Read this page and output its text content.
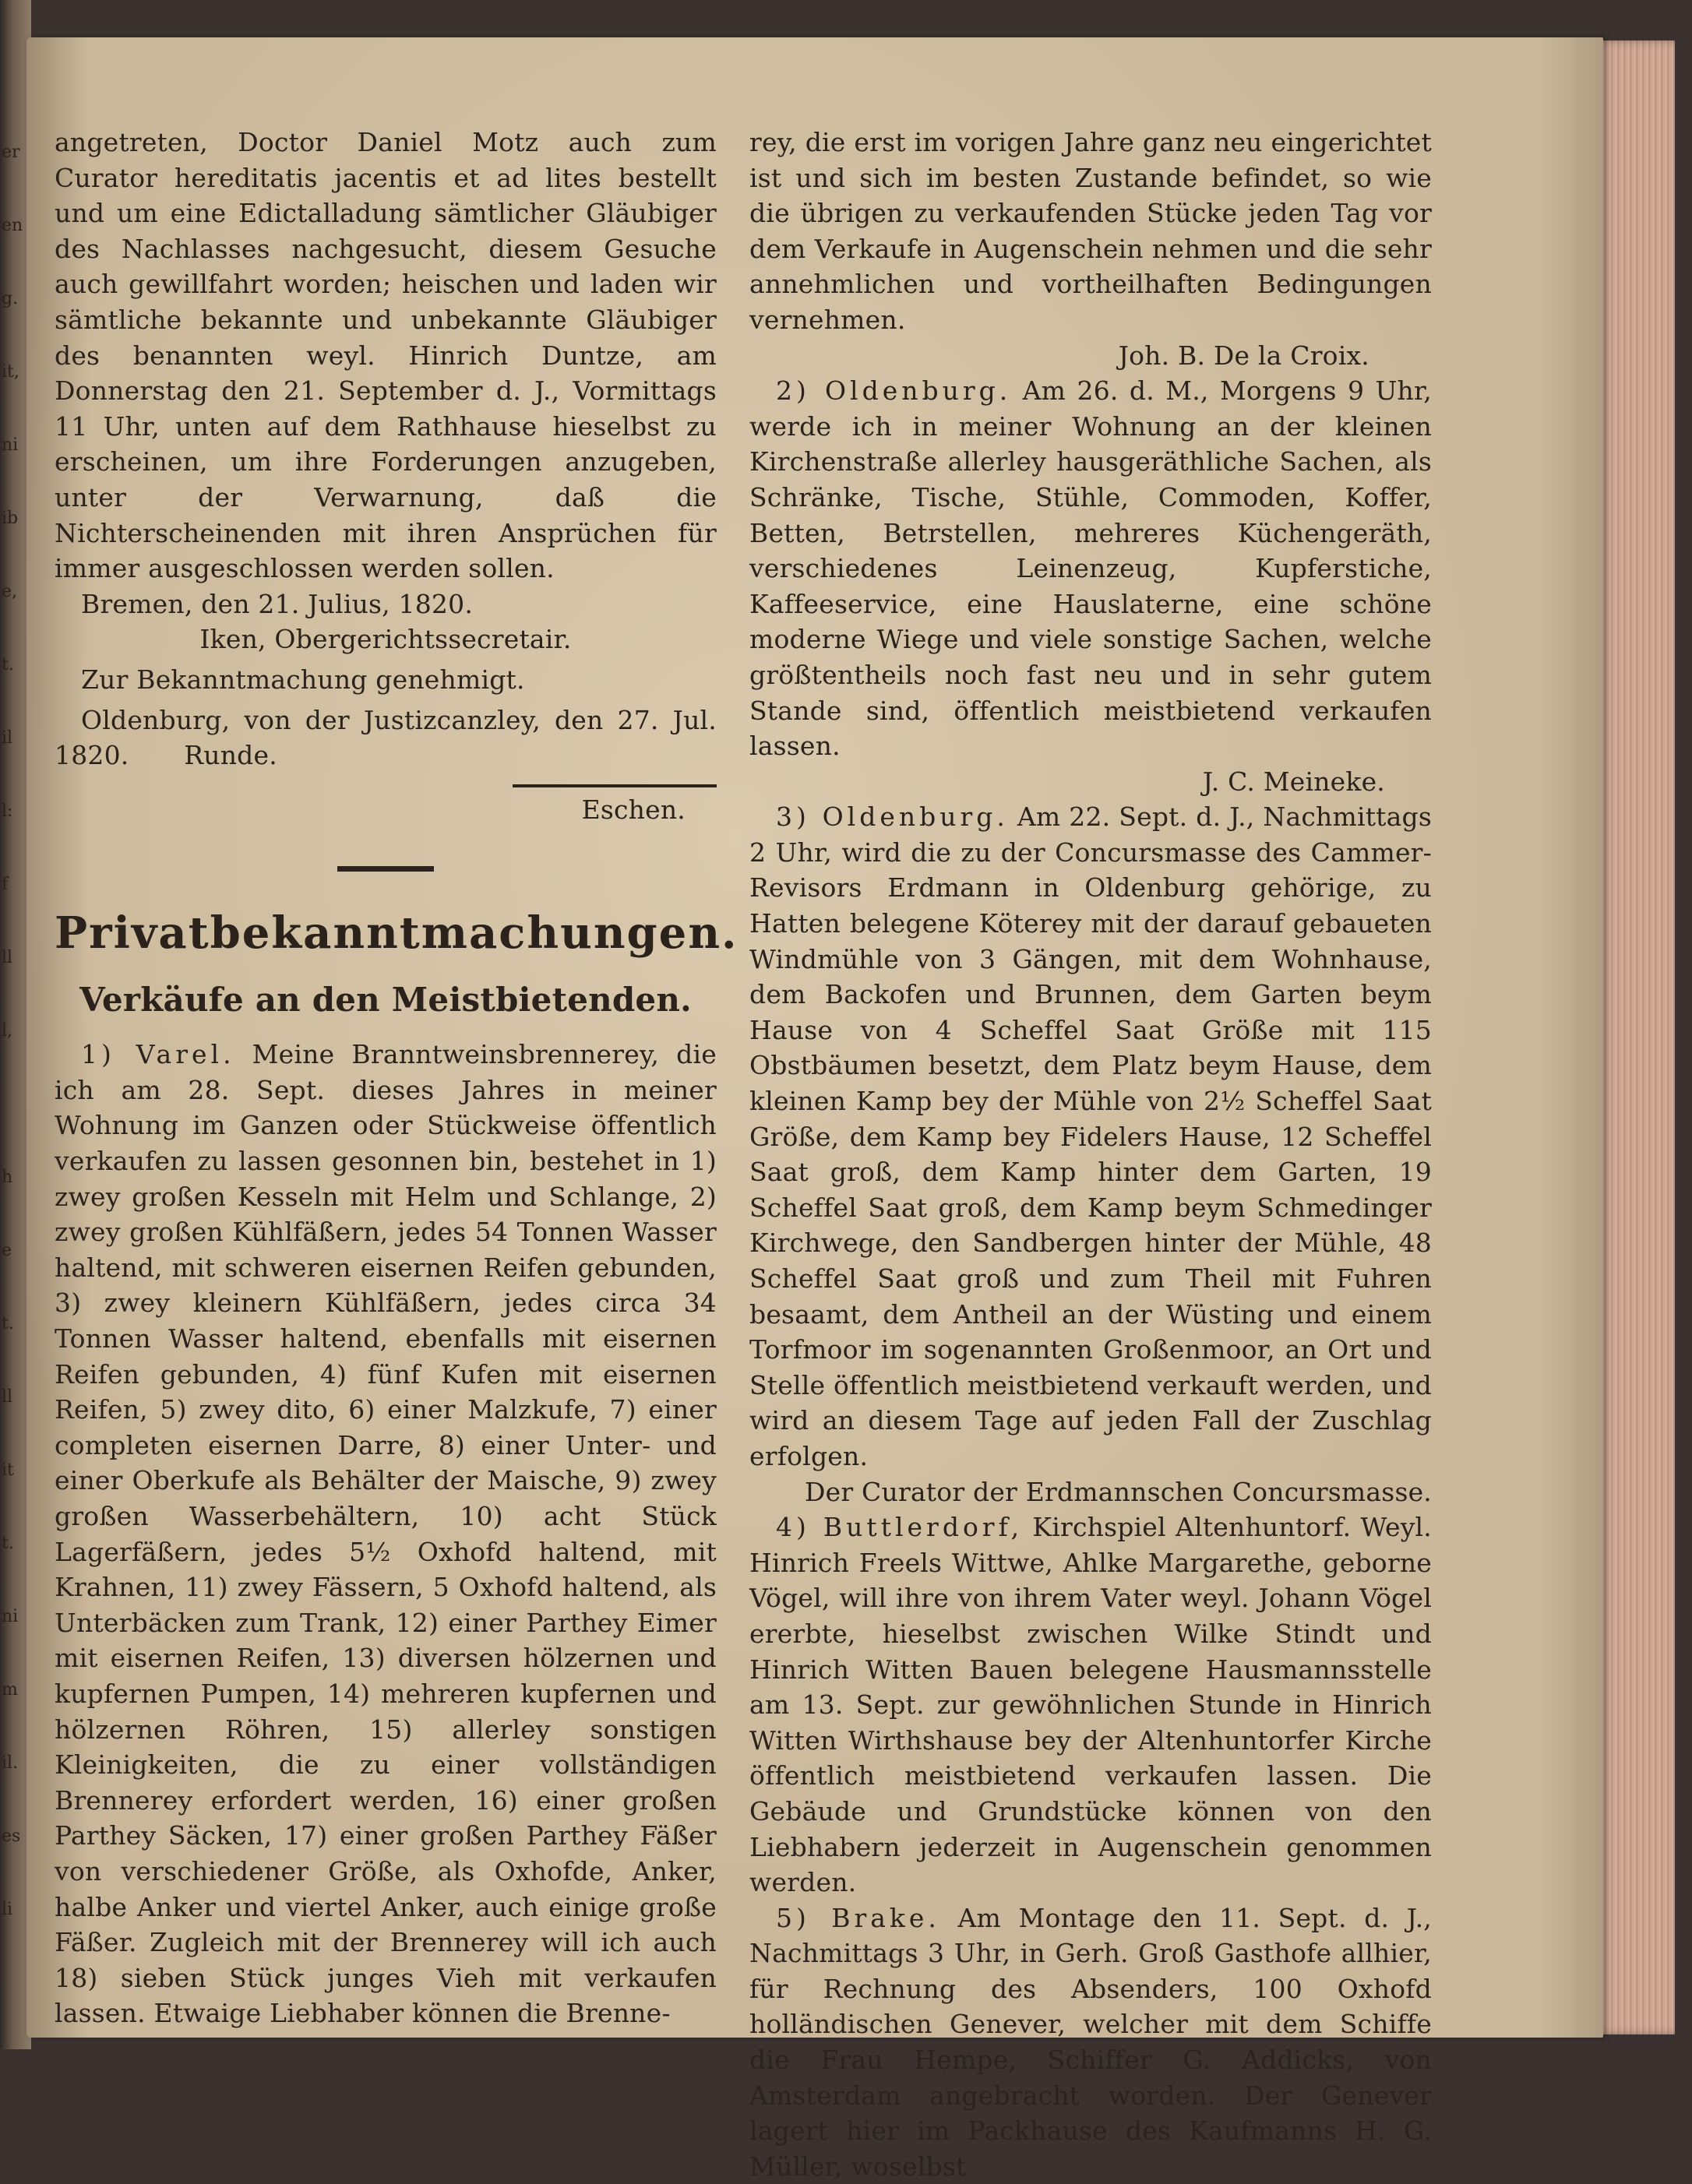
er
en
g.
it,
ni
ib
e,
t.
il
l:
f
ll
l,
h
e
t.
ll
it
t.
ni
m
il.
es
li

angetreten, Doctor Daniel Motz auch zum Curator hereditatis jacentis et ad lites bestellt und um eine Edictalladung sämtlicher Gläubiger des Nachlasses nachgesucht, diesem Gesuche auch gewillfahrt worden; heischen und laden wir sämtliche bekannte und unbekannte Gläubiger des benannten weyl. Hinrich Duntze, am Donnerstag den 21. September d. J., Vormittags 11 Uhr, unten auf dem Rathhause hieselbst zu erscheinen, um ihre Forderungen anzugeben, unter der Verwarnung, daß die Nichterscheinenden mit ihren Ansprüchen für immer ausgeschlossen werden sollen.

Bremen, den 21. Julius, 1820.

Iken, Obergerichtssecretair.

Zur Bekanntmachung genehmigt.

Oldenburg, von der Justizcanzley, den 27. Jul. 1820. Runde.

Eschen.

Privatbekanntmachungen.
Verkäufe an den Meistbietenden.

1) Varel. Meine Branntweinsbrennerey, die ich am 28. Sept. dieses Jahres in meiner Wohnung im Ganzen oder Stückweise öffentlich verkaufen zu lassen gesonnen bin, bestehet in 1) zwey großen Kesseln mit Helm und Schlange, 2) zwey großen Kühlfäßern, jedes 54 Tonnen Wasser haltend, mit schweren eisernen Reifen gebunden, 3) zwey kleinern Kühlfäßern, jedes circa 34 Tonnen Wasser haltend, ebenfalls mit eisernen Reifen gebunden, 4) fünf Kufen mit eisernen Reifen, 5) zwey dito, 6) einer Malzkufe, 7) einer completen eisernen Darre, 8) einer Unter- und einer Oberkufe als Behälter der Maische, 9) zwey großen Wasserbehältern, 10) acht Stück Lagerfäßern, jedes 5½ Oxhofd haltend, mit Krahnen, 11) zwey Fässern, 5 Oxhofd haltend, als Unterbäcken zum Trank, 12) einer Parthey Eimer mit eisernen Reifen, 13) diversen hölzernen und kupfernen Pumpen, 14) mehreren kupfernen und hölzernen Röhren, 15) allerley sonstigen Kleinigkeiten, die zu einer vollständigen Brennerey erfordert werden, 16) einer großen Parthey Säcken, 17) einer großen Parthey Fäßer von verschiedener Größe, als Oxhofde, Anker, halbe Anker und viertel Anker, auch einige große Fäßer. Zugleich mit der Brennerey will ich auch 18) sieben Stück junges Vieh mit verkaufen lassen. Etwaige Liebhaber können die Brenne-

rey, die erst im vorigen Jahre ganz neu eingerichtet ist und sich im besten Zustande befindet, so wie die übrigen zu verkaufenden Stücke jeden Tag vor dem Verkaufe in Augenschein nehmen und die sehr annehmlichen und vortheilhaften Bedingungen vernehmen.

Joh. B. De la Croix.

2) Oldenburg. Am 26. d. M., Morgens 9 Uhr, werde ich in meiner Wohnung an der kleinen Kirchenstraße allerley hausgeräthliche Sachen, als Schränke, Tische, Stühle, Commoden, Koffer, Betten, Betrstellen, mehreres Küchengeräth, verschiedenes Leinenzeug, Kupferstiche, Kaffeeservice, eine Hauslaterne, eine schöne moderne Wiege und viele sonstige Sachen, welche größtentheils noch fast neu und in sehr gutem Stande sind, öffentlich meistbietend verkaufen lassen.

J. C. Meineke.

3) Oldenburg. Am 22. Sept. d. J., Nachmittags 2 Uhr, wird die zu der Concursmasse des Cammer-Revisors Erdmann in Oldenburg gehörige, zu Hatten belegene Köterey mit der darauf gebaueten Windmühle von 3 Gängen, mit dem Wohnhause, dem Backofen und Brunnen, dem Garten beym Hause von 4 Scheffel Saat Größe mit 115 Obstbäumen besetzt, dem Platz beym Hause, dem kleinen Kamp bey der Mühle von 2½ Scheffel Saat Größe, dem Kamp bey Fidelers Hause, 12 Scheffel Saat groß, dem Kamp hinter dem Garten, 19 Scheffel Saat groß, dem Kamp beym Schmedinger Kirchwege, den Sandbergen hinter der Mühle, 48 Scheffel Saat groß und zum Theil mit Fuhren besaamt, dem Antheil an der Wüsting und einem Torfmoor im sogenannten Großenmoor, an Ort und Stelle öffentlich meistbietend verkauft werden, und wird an diesem Tage auf jeden Fall der Zuschlag erfolgen.

Der Curator der Erdmannschen Concursmasse.

4) Buttlerdorf, Kirchspiel Altenhuntorf. Weyl. Hinrich Freels Wittwe, Ahlke Margarethe, geborne Vögel, will ihre von ihrem Vater weyl. Johann Vögel ererbte, hieselbst zwischen Wilke Stindt und Hinrich Witten Bauen belegene Hausmannsstelle am 13. Sept. zur gewöhnlichen Stunde in Hinrich Witten Wirthshause bey der Altenhuntorfer Kirche öffentlich meistbietend verkaufen lassen. Die Gebäude und Grundstücke können von den Liebhabern jederzeit in Augenschein genommen werden.

5) Brake. Am Montage den 11. Sept. d. J., Nachmittags 3 Uhr, in Gerh. Groß Gasthofe allhier, für Rechnung des Absenders, 100 Oxhofd holländischen Genever, welcher mit dem Schiffe die Frau Hempe, Schiffer G. Addicks, von Amsterdam angebracht worden. Der Genever lagert hier im Packhause des Kaufmanns H. G. Müller, woselbst
